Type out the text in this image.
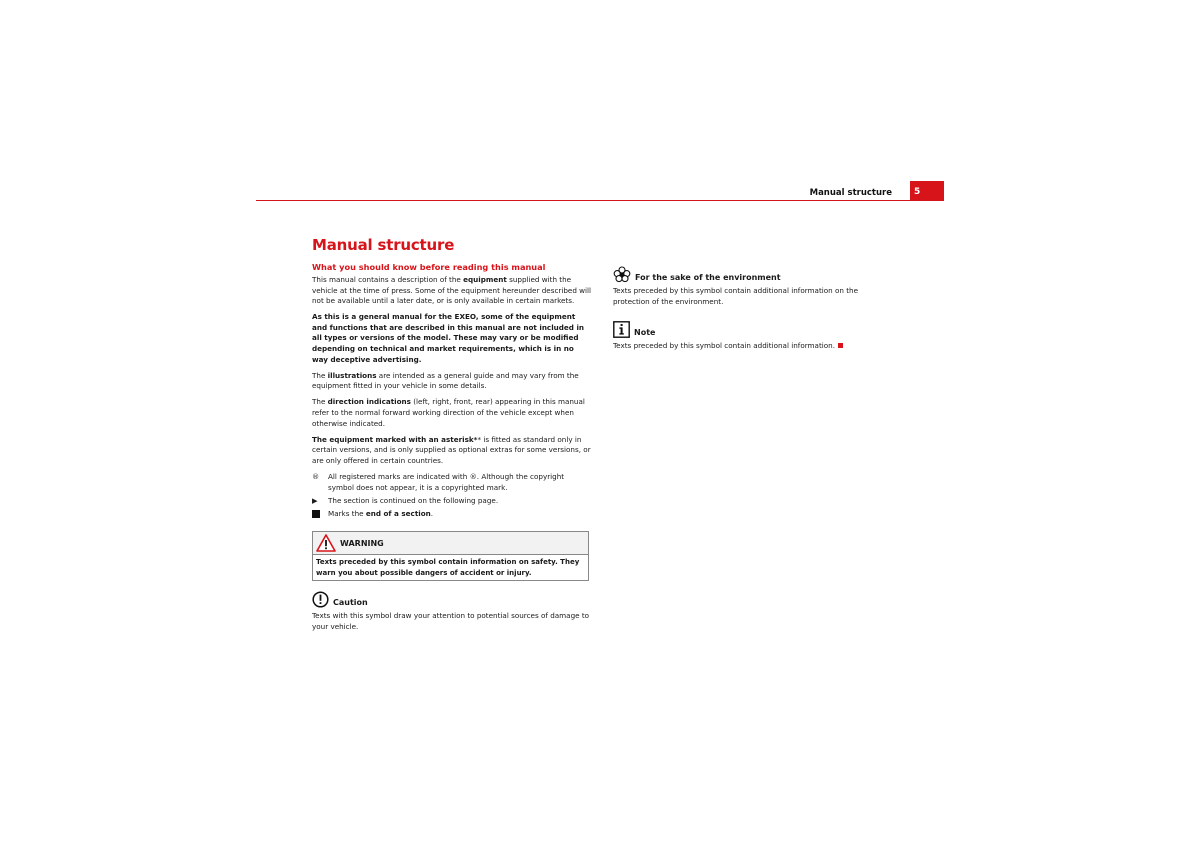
Manual structure	5
Manual structure
What you should know before reading this manual

This manual contains a description of the equipment supplied with the vehicle at the time of press. Some of the equipment hereunder described will not be available until a later date, or is only available in certain markets.

As this is a general manual for the EXEO, some of the equipment and functions that are described in this manual are not included in all types or versions of the model. These may vary or be modified depending on technical and market requirements, which is in no way deceptive advertising.

The illustrations are intended as a general guide and may vary from the equipment fitted in your vehicle in some details.

The direction indications (left, right, front, rear) appearing in this manual refer to the normal forward working direction of the vehicle except when otherwise indicated.

The equipment marked with an asterisk** is fitted as standard only in certain versions, and is only supplied as optional extras for some versions, or are only offered in certain countries.

®	All registered marks are indicated with ®. Although the copyright symbol does not appear, it is a copyrighted mark.
▶	The section is continued on the following page.
Marks the end of a section.
WARNING
Texts preceded by this symbol contain information on safety. They warn you about possible dangers of accident or injury.
Caution

Texts with this symbol draw your attention to potential sources of damage to your vehicle.

For the sake of the environment

Texts preceded by this symbol contain additional information on the protection of the environment.

Note

Texts preceded by this symbol contain additional information.
